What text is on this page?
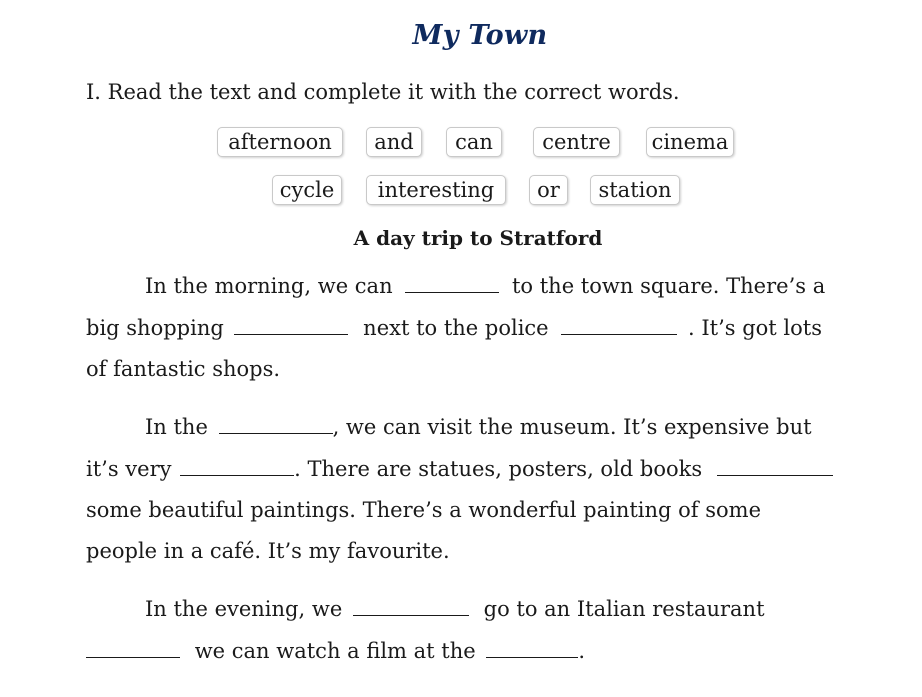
My Town
I. Read the text and complete it with the correct words.
afternoon	and	can	centre	cinema
cycle	interesting	or	station
A day trip to Stratford
In the morning, we can	to the town square. There’s a
big shopping	next to the police	. It’s got lots
of fantastic shops.
In the	, we can visit the museum. It’s expensive but
it’s very	. There are statues, posters, old books
some beautiful paintings. There’s a wonderful painting of some
people in a café. It’s my favourite.
In the evening, we	go to an Italian restaurant
we can watch a film at the	.
